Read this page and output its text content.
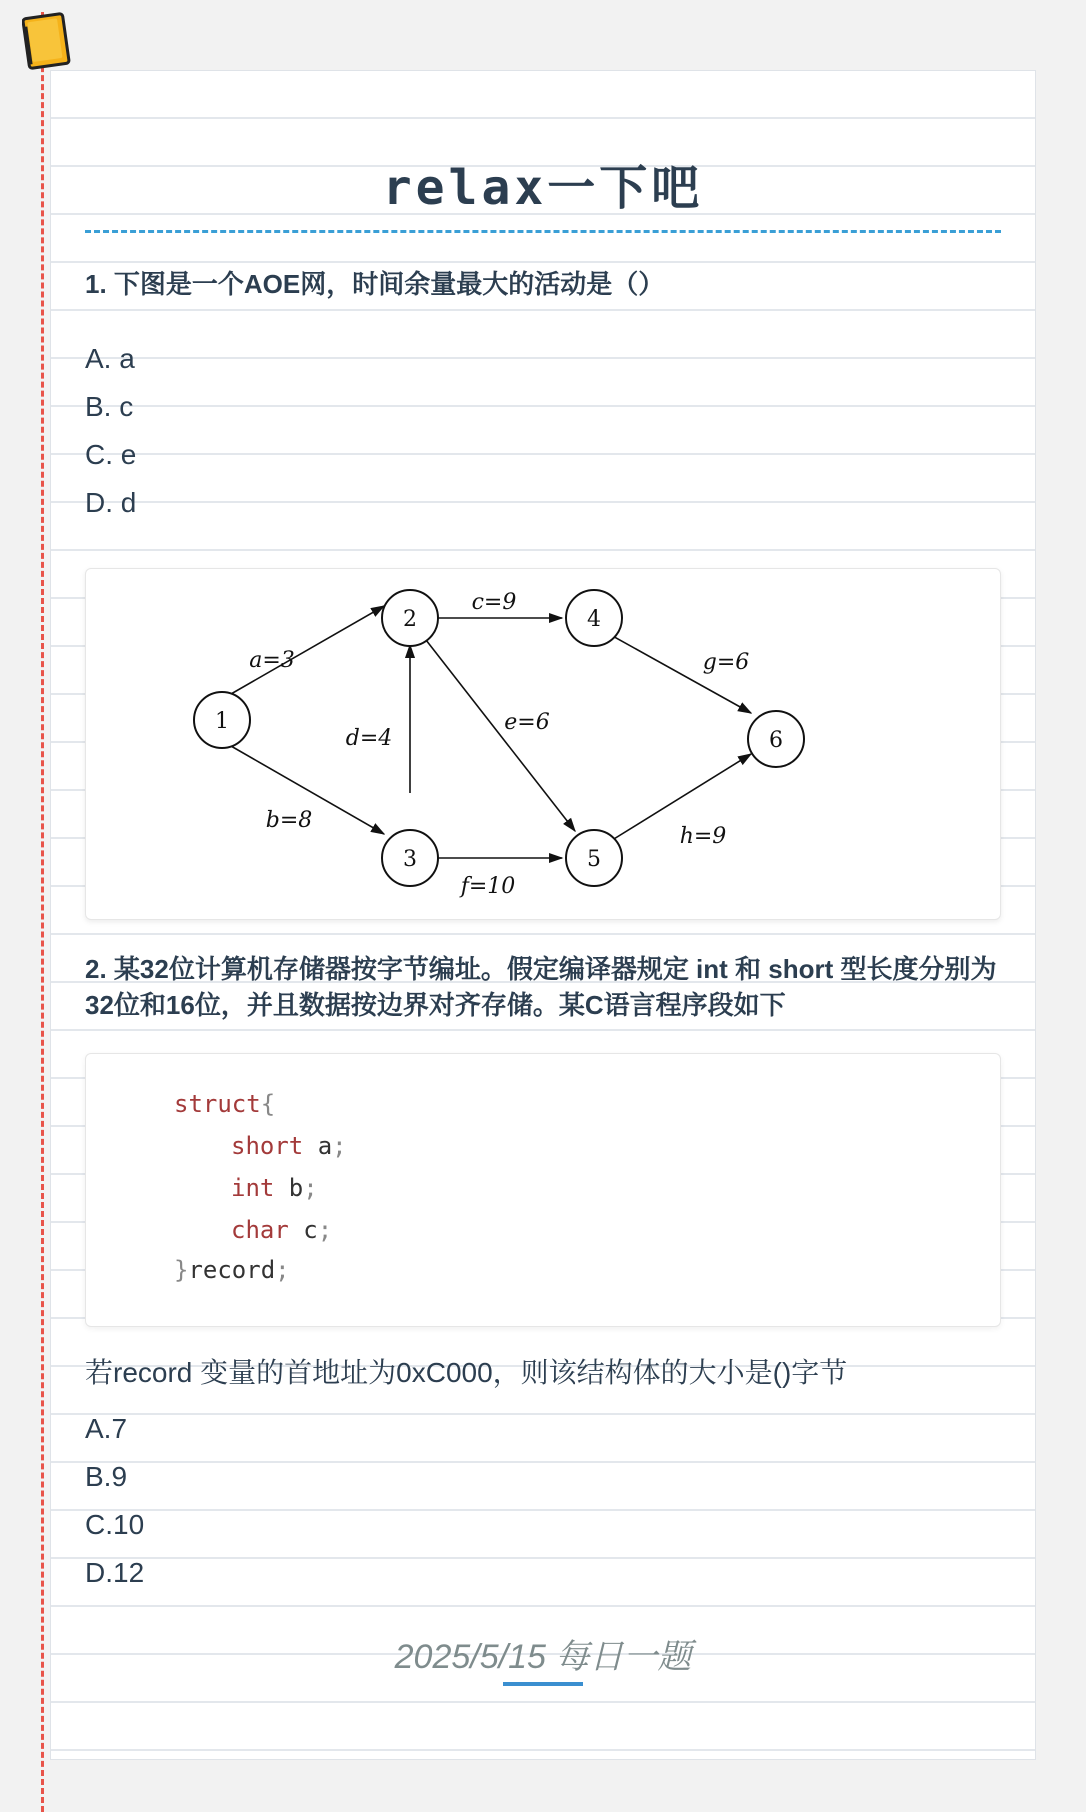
relax一下吧
1. 下图是一个AOE网，时间余量最大的活动是（）
A. a
B. c
C. e
D. d
1
2
3
4
5
6
a=3
b=8
c=9
d=4
e=6
f=10
g=6
h=9
2. 某32位计算机存储器按字节编址。假定编译器规定 int 和 short 型长度分别为32位和16位，并且数据按边界对齐存储。某C语言程序段如下
struct{
short a;
int b;
char c;
}record;
若record 变量的首地址为0xC000，则该结构体的大小是()字节
A.7
B.9
C.10
D.12
2025/5/15 每日一题
